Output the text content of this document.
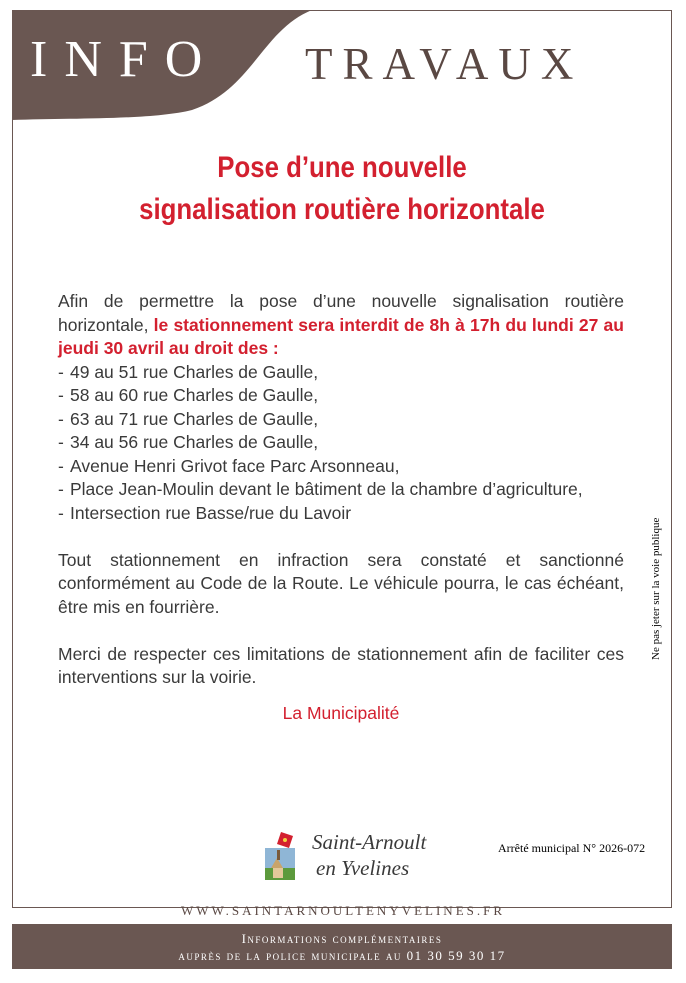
INFO TRAVAUX
Pose d’une nouvelle
signalisation routière horizontale

Afin de permettre la pose d’une nouvelle signalisation routière horizontale, le stationnement sera interdit de 8h à 17h du lundi 27 au jeudi 30 avril au droit des :

- 49 au 51 rue Charles de Gaulle,
- 58 au 60 rue Charles de Gaulle,
- 63 au 71 rue Charles de Gaulle,
- 34 au 56 rue Charles de Gaulle,
- Avenue Henri Grivot face Parc Arsonneau,
- Place Jean-Moulin devant le bâtiment de la chambre d’agriculture,
- Intersection rue Basse/rue du Lavoir

Tout stationnement en infraction sera constaté et sanctionné conformément au Code de la Route. Le véhicule pourra, le cas échéant, être mis en fourrière.

Merci de respecter ces limitations de stationnement afin de faciliter ces interventions sur la voirie.

La Municipalité

Ne pas jeter sur la voie publique
Saint-Arnoult
en Yvelines
Arrêté municipal N° 2026-072
WWW.SAINTARNOULTENYVELINES.FR
Informations complémentaires
auprès de la police municipale au 01 30 59 30 17
